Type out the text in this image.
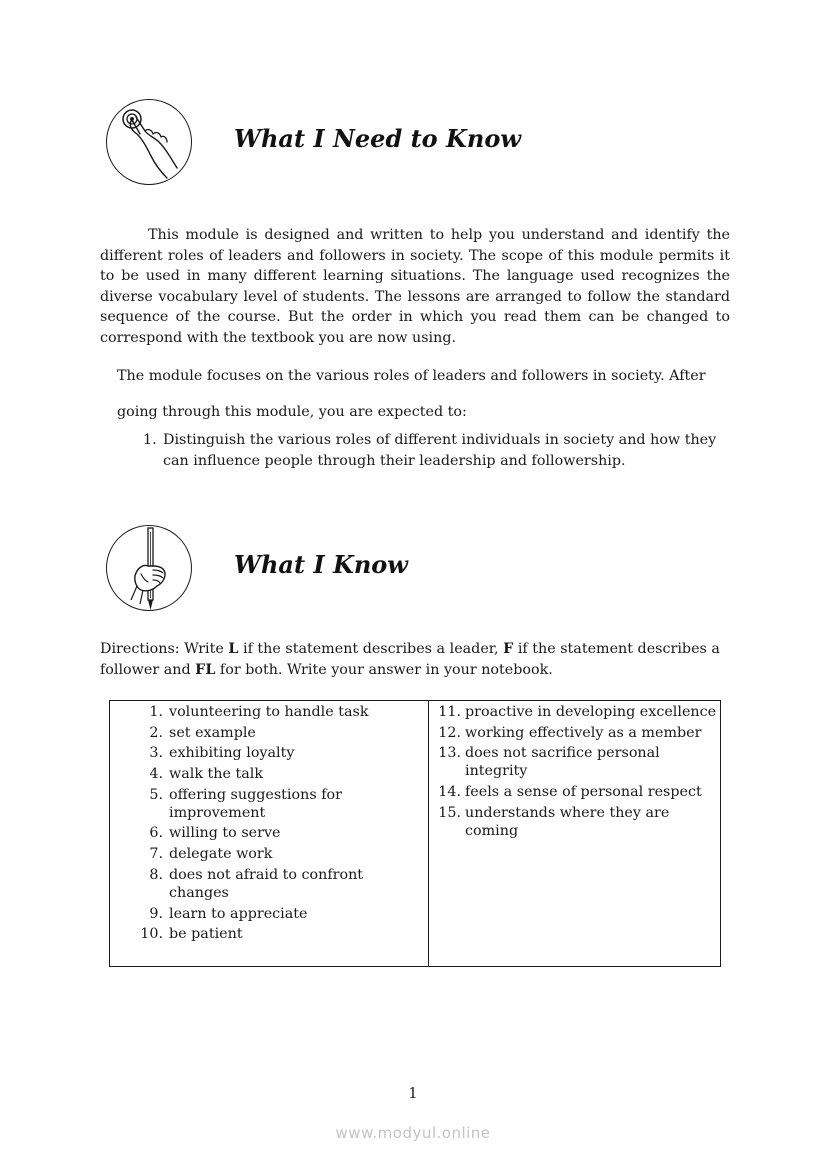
What I Need to Know

This module is designed and written to help you understand and identify the different roles of leaders and followers in society. The scope of this module permits it to be used in many different learning situations. The language used recognizes the diverse vocabulary level of students. The lessons are arranged to follow the standard sequence of the course. But the order in which you read them can be changed to correspond with the textbook you are now using.

The module focuses on the various roles of leaders and followers in society. After
going through this module, you are expected to:
1. Distinguish the various roles of different individuals in society and how they can influence people through their leadership and followership.
What I Know

Directions: Write L if the statement describes a leader, F if the statement describes a follower and FL for both. Write your answer in your notebook.

1. volunteering to handle task
2. set example
3. exhibiting loyalty
4. walk the talk
5. offering suggestions for improvement
6. willing to serve
7. delegate work
8. does not afraid to confront changes
9. learn to appreciate
10. be patient

11. proactive in developing excellence
12. working effectively as a member
13. does not sacrifice personal
integrity
14. feels a sense of personal respect
15. understands where they are
coming
1
www.modyul.online
